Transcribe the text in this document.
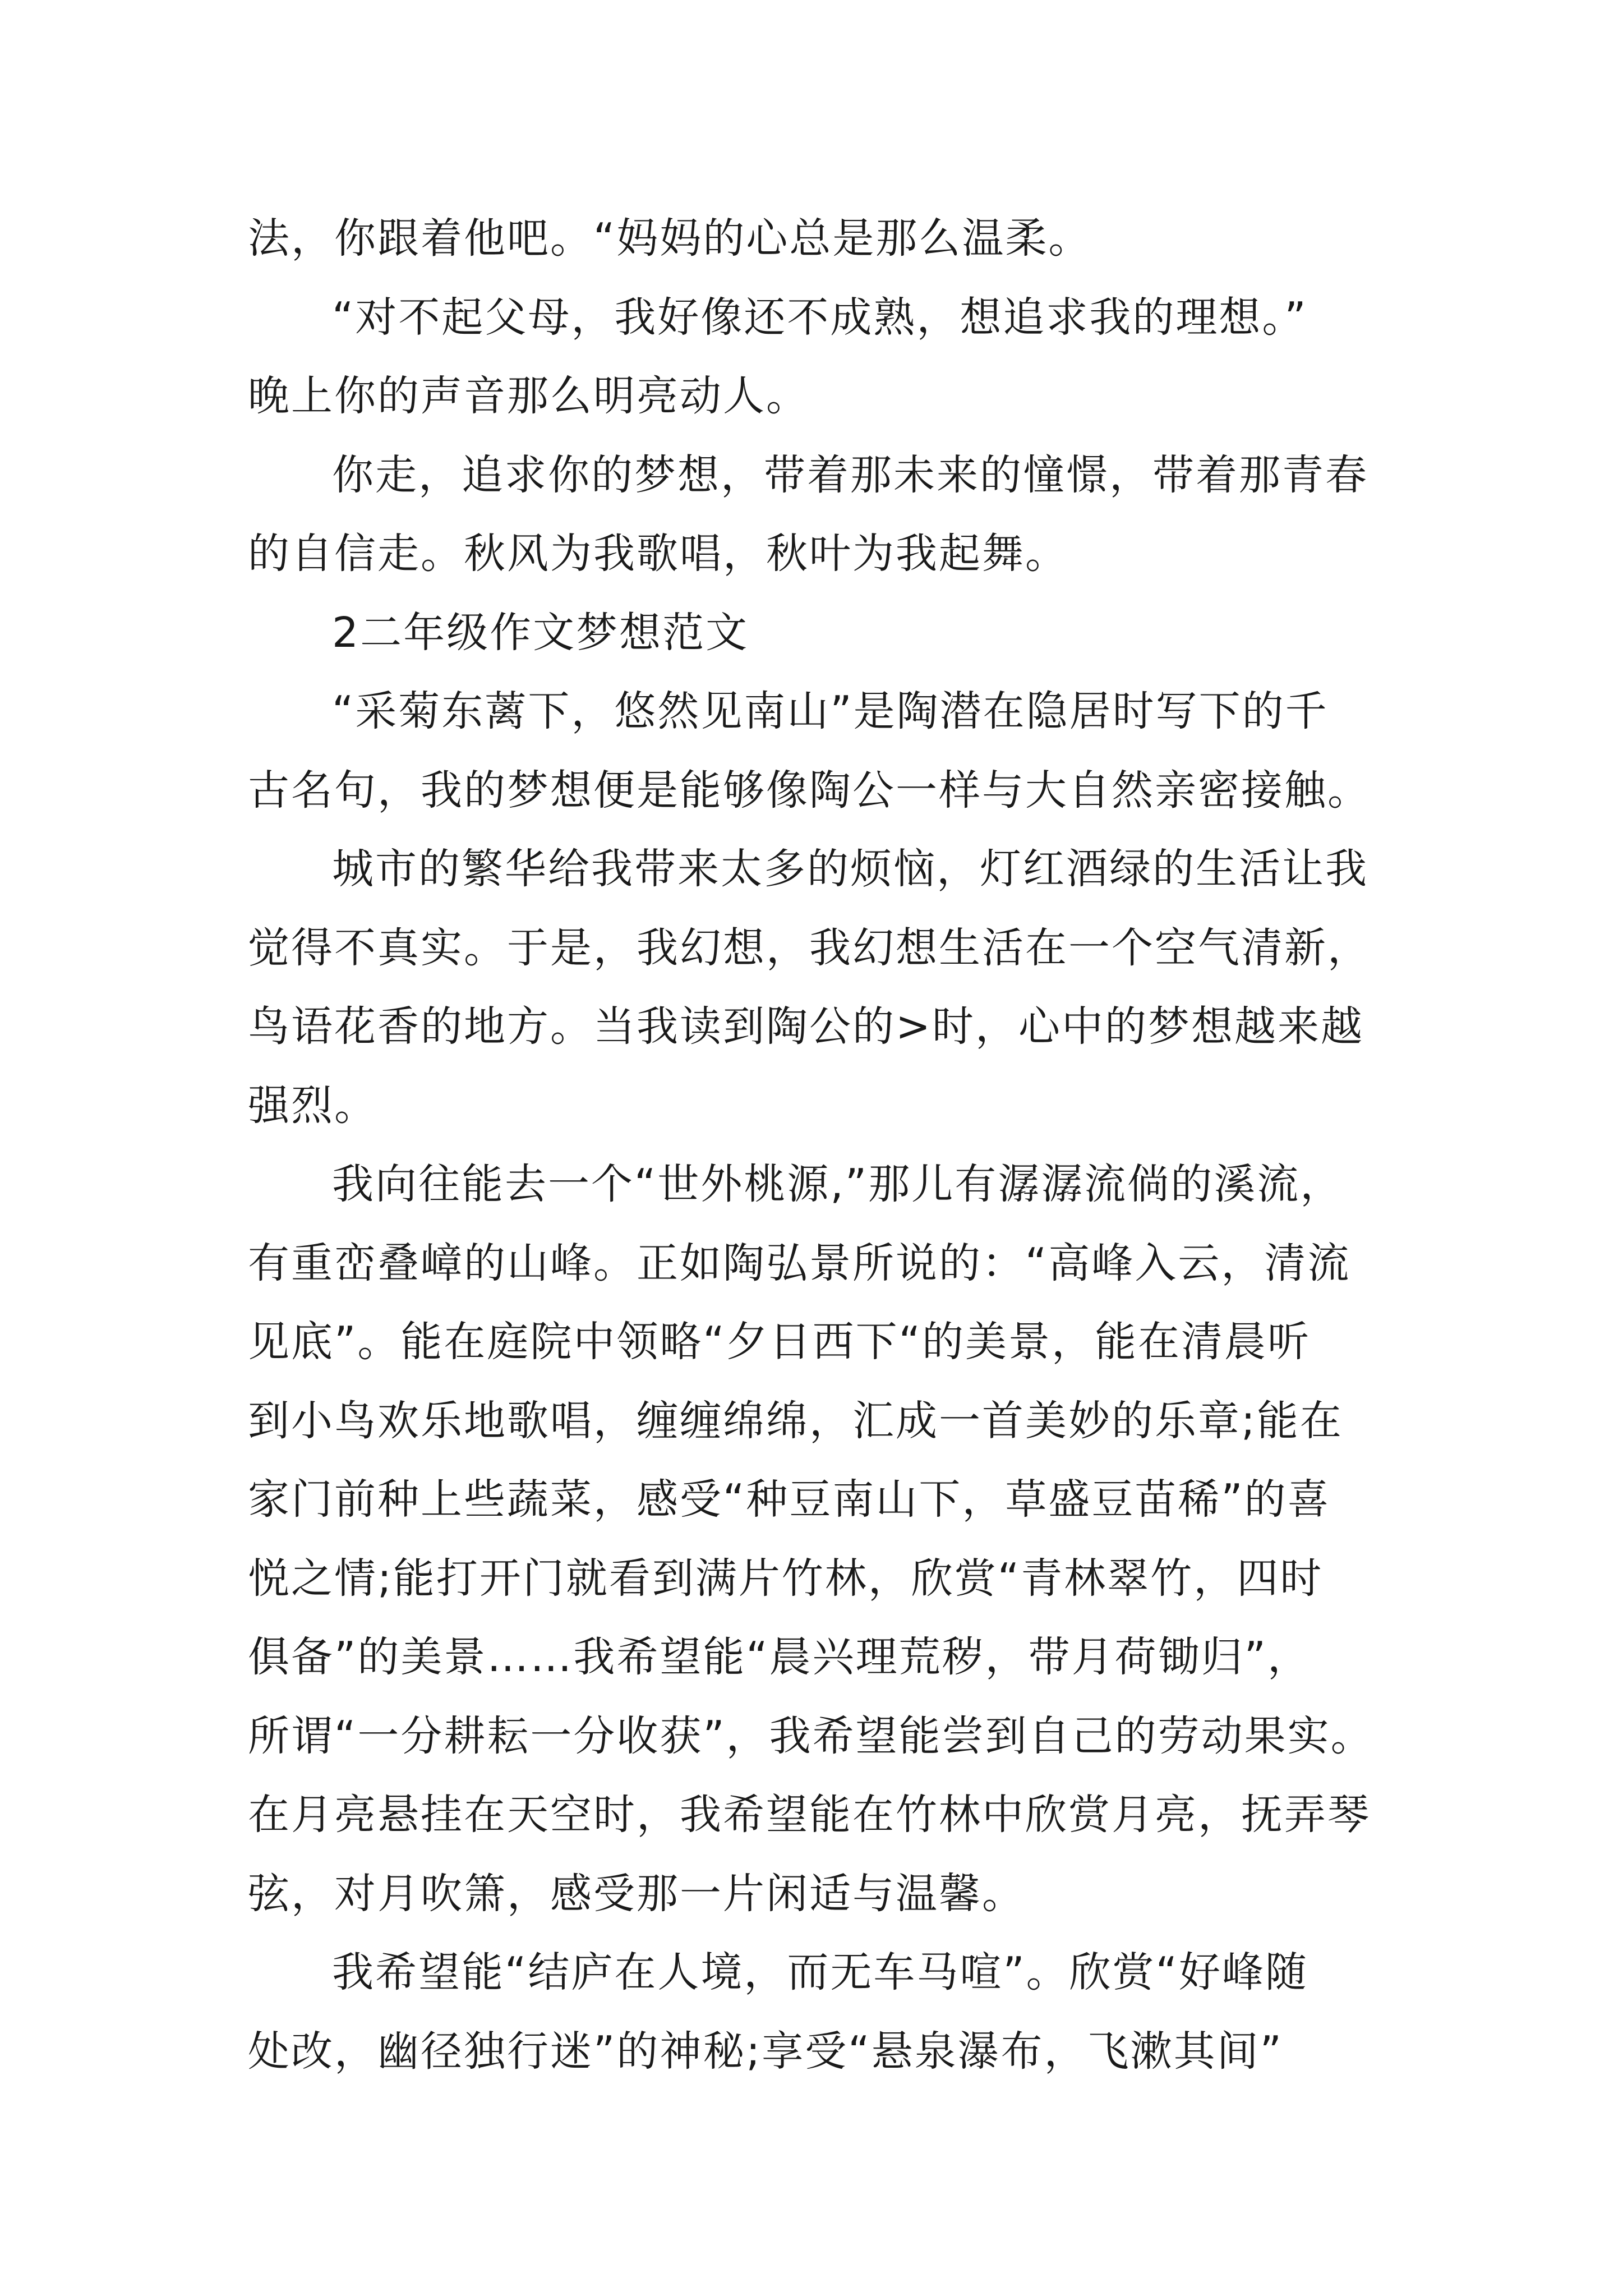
法，你跟着他吧。“妈妈的心总是那么温柔。
“对不起父母，我好像还不成熟，想追求我的理想。”
晚上你的声音那么明亮动人。
你走，追求你的梦想，带着那未来的憧憬，带着那青春
的自信走。秋风为我歌唱，秋叶为我起舞。
2二年级作文梦想范文
“采菊东蓠下，悠然见南山”是陶潜在隐居时写下的千
古名句，我的梦想便是能够像陶公一样与大自然亲密接触。
城市的繁华给我带来太多的烦恼，灯红酒绿的生活让我
觉得不真实。于是，我幻想，我幻想生活在一个空气清新，
鸟语花香的地方。当我读到陶公的>时，心中的梦想越来越
强烈。
我向往能去一个“世外桃源,”那儿有潺潺流倘的溪流，
有重峦叠嶂的山峰。正如陶弘景所说的：“高峰入云，清流
见底”。能在庭院中领略“夕日西下“的美景，能在清晨听
到小鸟欢乐地歌唱，缠缠绵绵，汇成一首美妙的乐章;能在
家门前种上些蔬菜，感受“种豆南山下，草盛豆苗稀”的喜
悦之情;能打开门就看到满片竹林，欣赏“青林翠竹，四时
俱备”的美景……我希望能“晨兴理荒秽，带月荷锄归”，
所谓“一分耕耘一分收获”，我希望能尝到自己的劳动果实。
在月亮悬挂在天空时，我希望能在竹林中欣赏月亮，抚弄琴
弦，对月吹箫，感受那一片闲适与温馨。
我希望能“结庐在人境，而无车马喧”。欣赏“好峰随
处改，幽径独行迷”的神秘;享受“悬泉瀑布，飞漱其间”
